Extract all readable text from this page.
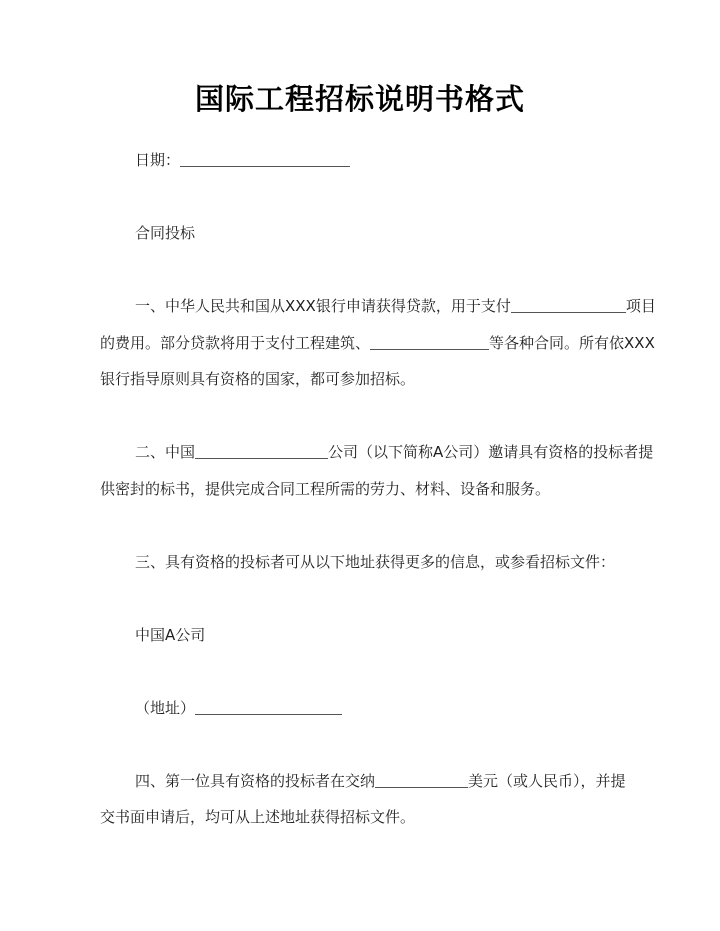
国际工程招标说明书格式
日期：
合同投标
一、中华人民共和国从XXX银行申请获得贷款，用于支付	项目
的费用。部分贷款将用于支付工程建筑、	等各种合同。所有依XXX
银行指导原则具有资格的国家，都可参加招标。
二、中国	公司（以下简称A公司）邀请具有资格的投标者提
供密封的标书，提供完成合同工程所需的劳力、材料、设备和服务。
三、具有资格的投标者可从以下地址获得更多的信息，或参看招标文件：
中国A公司
（地址）
四、第一位具有资格的投标者在交纳	美元（或人民币），并提
交书面申请后，均可从上述地址获得招标文件。
